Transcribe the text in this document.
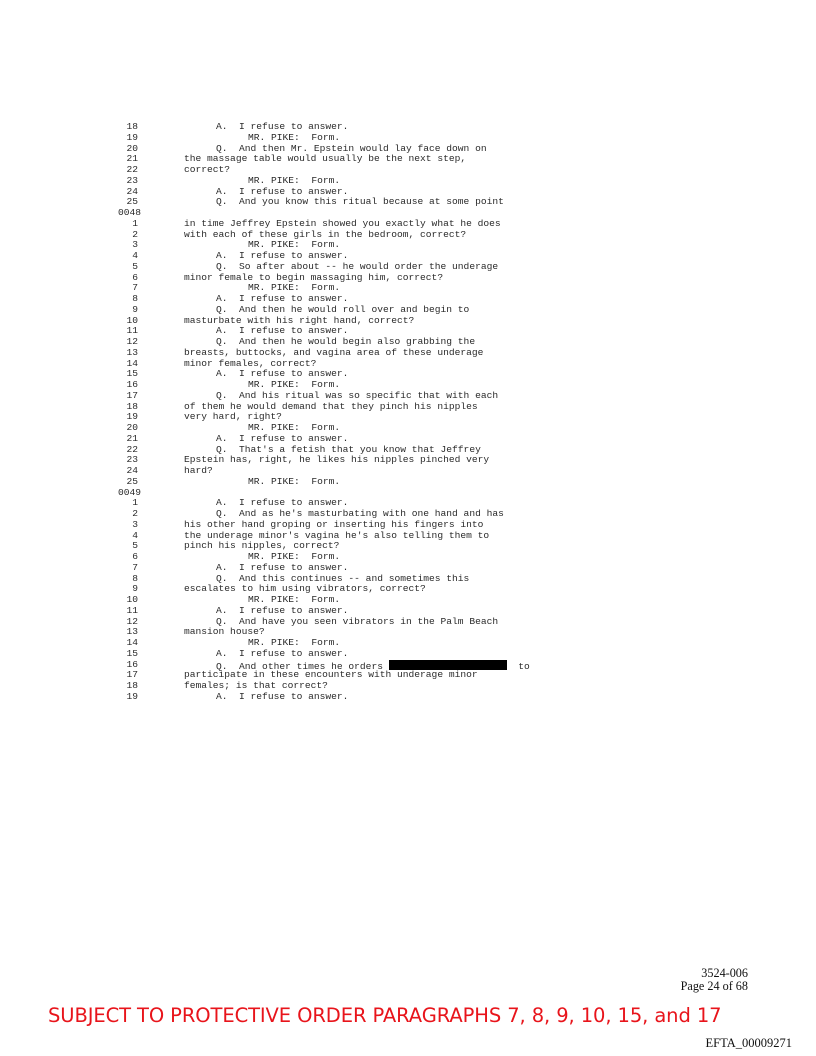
18	A.  I refuse to answer.
19	MR. PIKE:  Form.
20	Q.  And then Mr. Epstein would lay face down on
21	the massage table would usually be the next step,
22	correct?
23	MR. PIKE:  Form.
24	A.  I refuse to answer.
25	Q.  And you know this ritual because at some point
0048
1	in time Jeffrey Epstein showed you exactly what he does
2	with each of these girls in the bedroom, correct?
3	MR. PIKE:  Form.
4	A.  I refuse to answer.
5	Q.  So after about -- he would order the underage
6	minor female to begin massaging him, correct?
7	MR. PIKE:  Form.
8	A.  I refuse to answer.
9	Q.  And then he would roll over and begin to
10	masturbate with his right hand, correct?
11	A.  I refuse to answer.
12	Q.  And then he would begin also grabbing the
13	breasts, buttocks, and vagina area of these underage
14	minor females, correct?
15	A.  I refuse to answer.
16	MR. PIKE:  Form.
17	Q.  And his ritual was so specific that with each
18	of them he would demand that they pinch his nipples
19	very hard, right?
20	MR. PIKE:  Form.
21	A.  I refuse to answer.
22	Q.  That's a fetish that you know that Jeffrey
23	Epstein has, right, he likes his nipples pinched very
24	hard?
25	MR. PIKE:  Form.
0049
1	A.  I refuse to answer.
2	Q.  And as he's masturbating with one hand and has
3	his other hand groping or inserting his fingers into
4	the underage minor's vagina he's also telling them to
5	pinch his nipples, correct?
6	MR. PIKE:  Form.
7	A.  I refuse to answer.
8	Q.  And this continues -- and sometimes this
9	escalates to him using vibrators, correct?
10	MR. PIKE:  Form.
11	A.  I refuse to answer.
12	Q.  And have you seen vibrators in the Palm Beach
13	mansion house?
14	MR. PIKE:  Form.
15	A.  I refuse to answer.
16	Q.  And other times he orders	to
17	participate in these encounters with underage minor
18	females; is that correct?
19	A.  I refuse to answer.
3524-006
Page 24 of 68
SUBJECT TO PROTECTIVE ORDER PARAGRAPHS 7, 8, 9, 10, 15, and 17
EFTA_00009271
